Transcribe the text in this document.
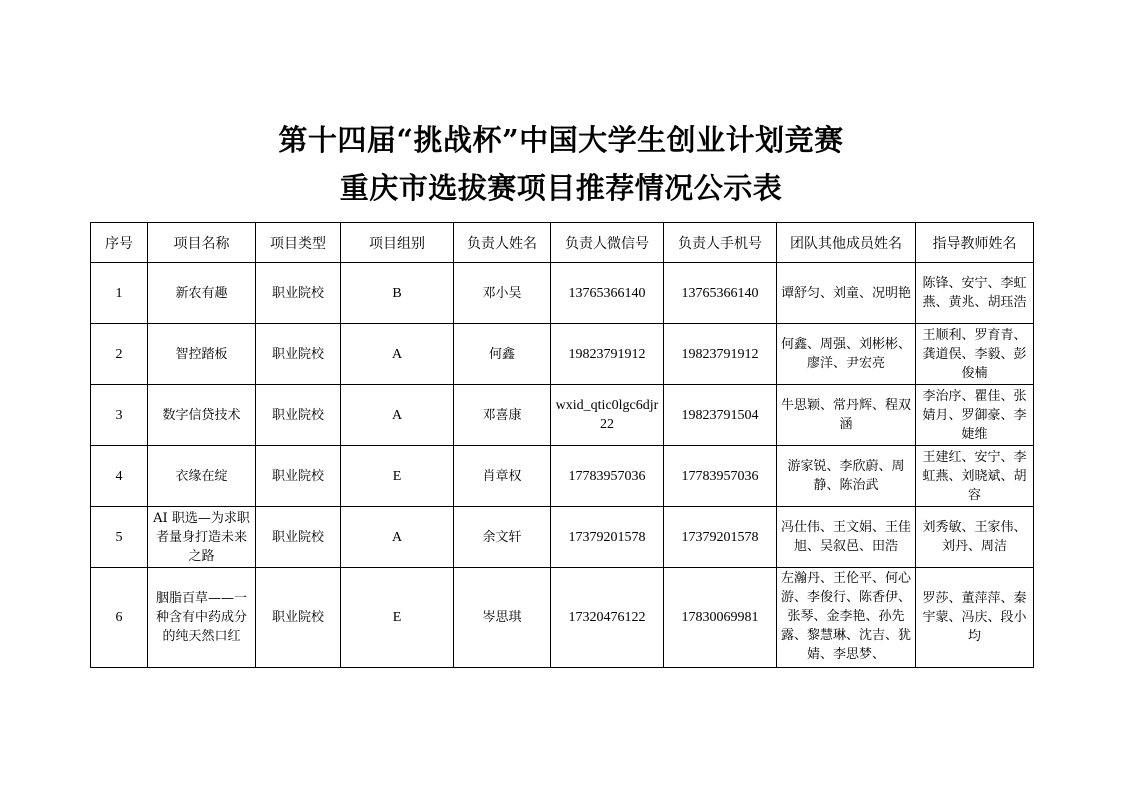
第十四届“挑战杯”中国大学生创业计划竞赛
重庆市选拔赛项目推荐情况公示表
序号	项目名称	项目类型	项目组别	负责人姓名	负责人微信号	负责人手机号	团队其他成员姓名	指导教师姓名
1	新农有趣	职业院校	B	邓小吴	13765366140	13765366140	谭舒匀、刘童、况明艳	陈锋、安宁、李虹燕、黄兆、胡珏浩
2	智控踏板	职业院校	A	何鑫	19823791912	19823791912	何鑫、周强、刘彬彬、廖洋、尹宏亮	王顺利、罗育青、龚道俣、李毅、彭俊楠
3	数字信贷技术	职业院校	A	邓喜康	wxid_qtic0lgc6djr22	19823791504	牛思颖、常丹辉、程双涵	李治序、瞿佳、张婧月、罗御豪、李婕维
4	衣缘在绽	职业院校	E	肖章权	17783957036	17783957036	游家锐、李欣蔚、周静、陈治武	王建红、安宁、李虹燕、刘晓斌、胡容
5	AI 职选—为求职者量身打造未来之路	职业院校	A	余文轩	17379201578	17379201578	冯仕伟、王文娟、王佳旭、吴叙邑、田浩	刘秀敏、王家伟、刘丹、周洁
6	胭脂百草——一种含有中药成分的纯天然口红	职业院校	E	岑思琪	17320476122	17830069981	左瀚丹、王伦平、何心游、李俊行、陈香伊、张琴、金李艳、孙先露、黎慧琳、沈吉、犹婧、李思梦、	罗莎、董萍萍、秦宇蒙、冯庆、段小均
